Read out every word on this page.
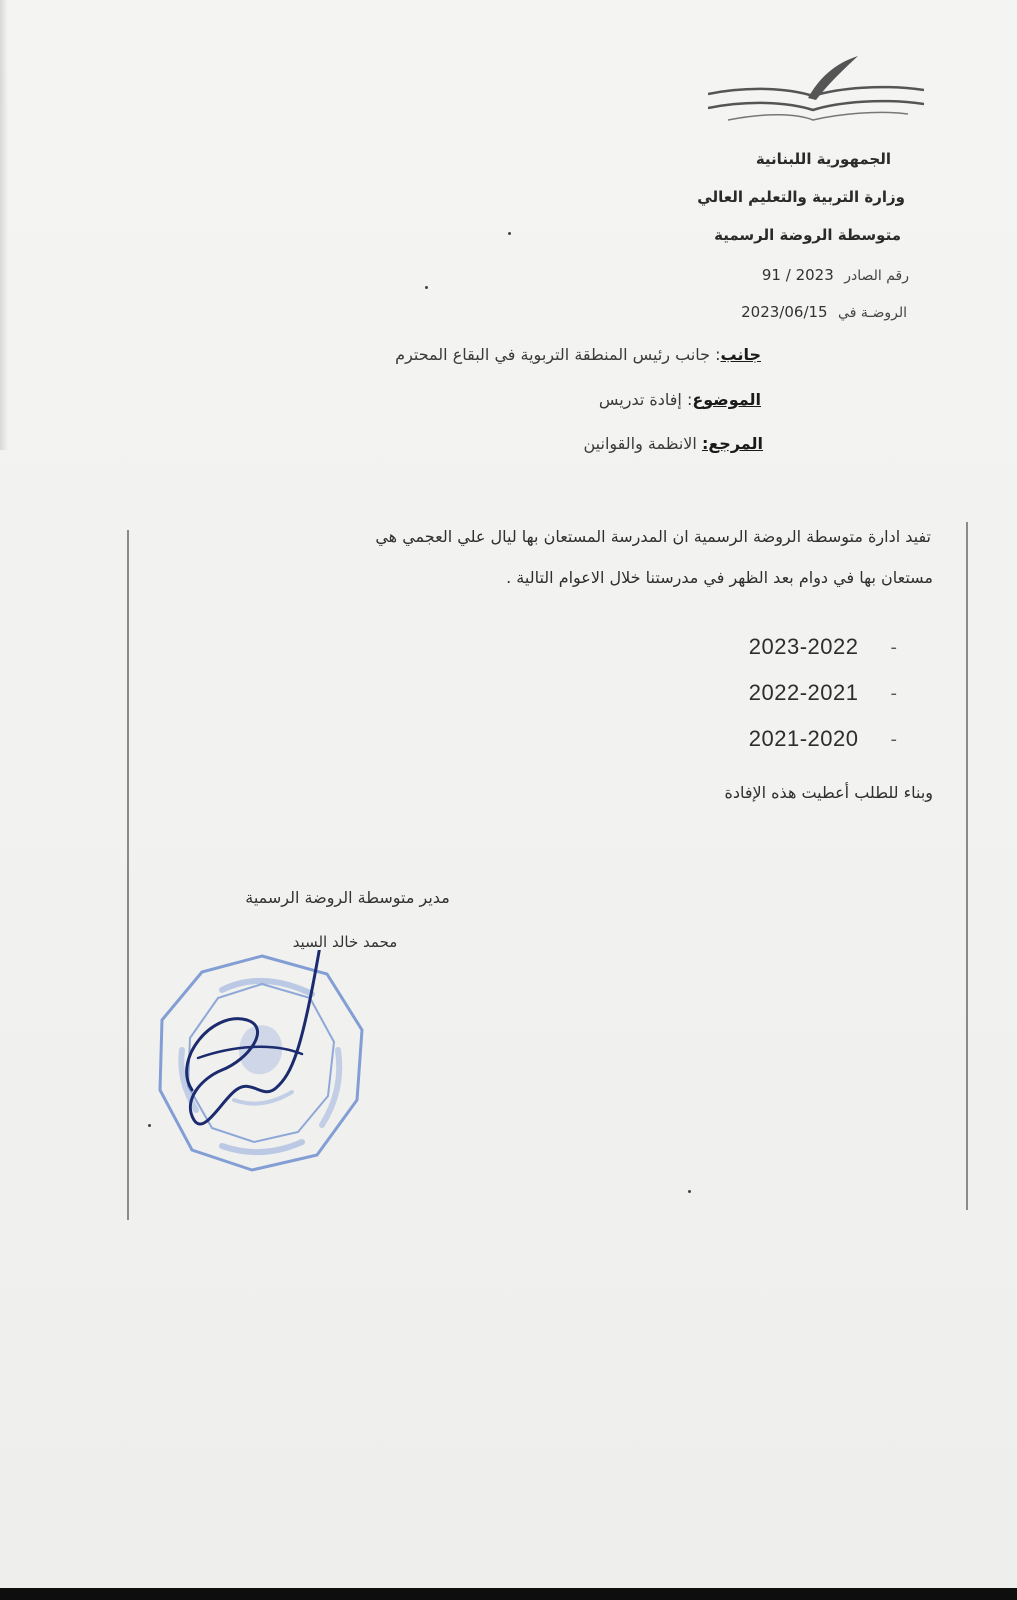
الجمهورية اللبنانية
وزارة التربية والتعليم العالي
متوسطة الروضة الرسمية
رقم الصادر 2023 / 91
الروضـة في 2023/06/15
جانب: جانب رئيس المنطقة التربوية في البقاع المحترم
الموضوع: إفادة تدريس
المرجع: الانظمة والقوانين
تفيد ادارة متوسطة الروضة الرسمية ان المدرسة المستعان بها ليال علي العجمي هي
مستعان بها في دوام بعد الظهر في مدرستنا خلال الاعوام التالية .
2023-2022 -
2022-2021 -
2021-2020 -
وبناء للطلب أعطيت هذه الإفادة
مدير متوسطة الروضة الرسمية
محمد خالد السيد
